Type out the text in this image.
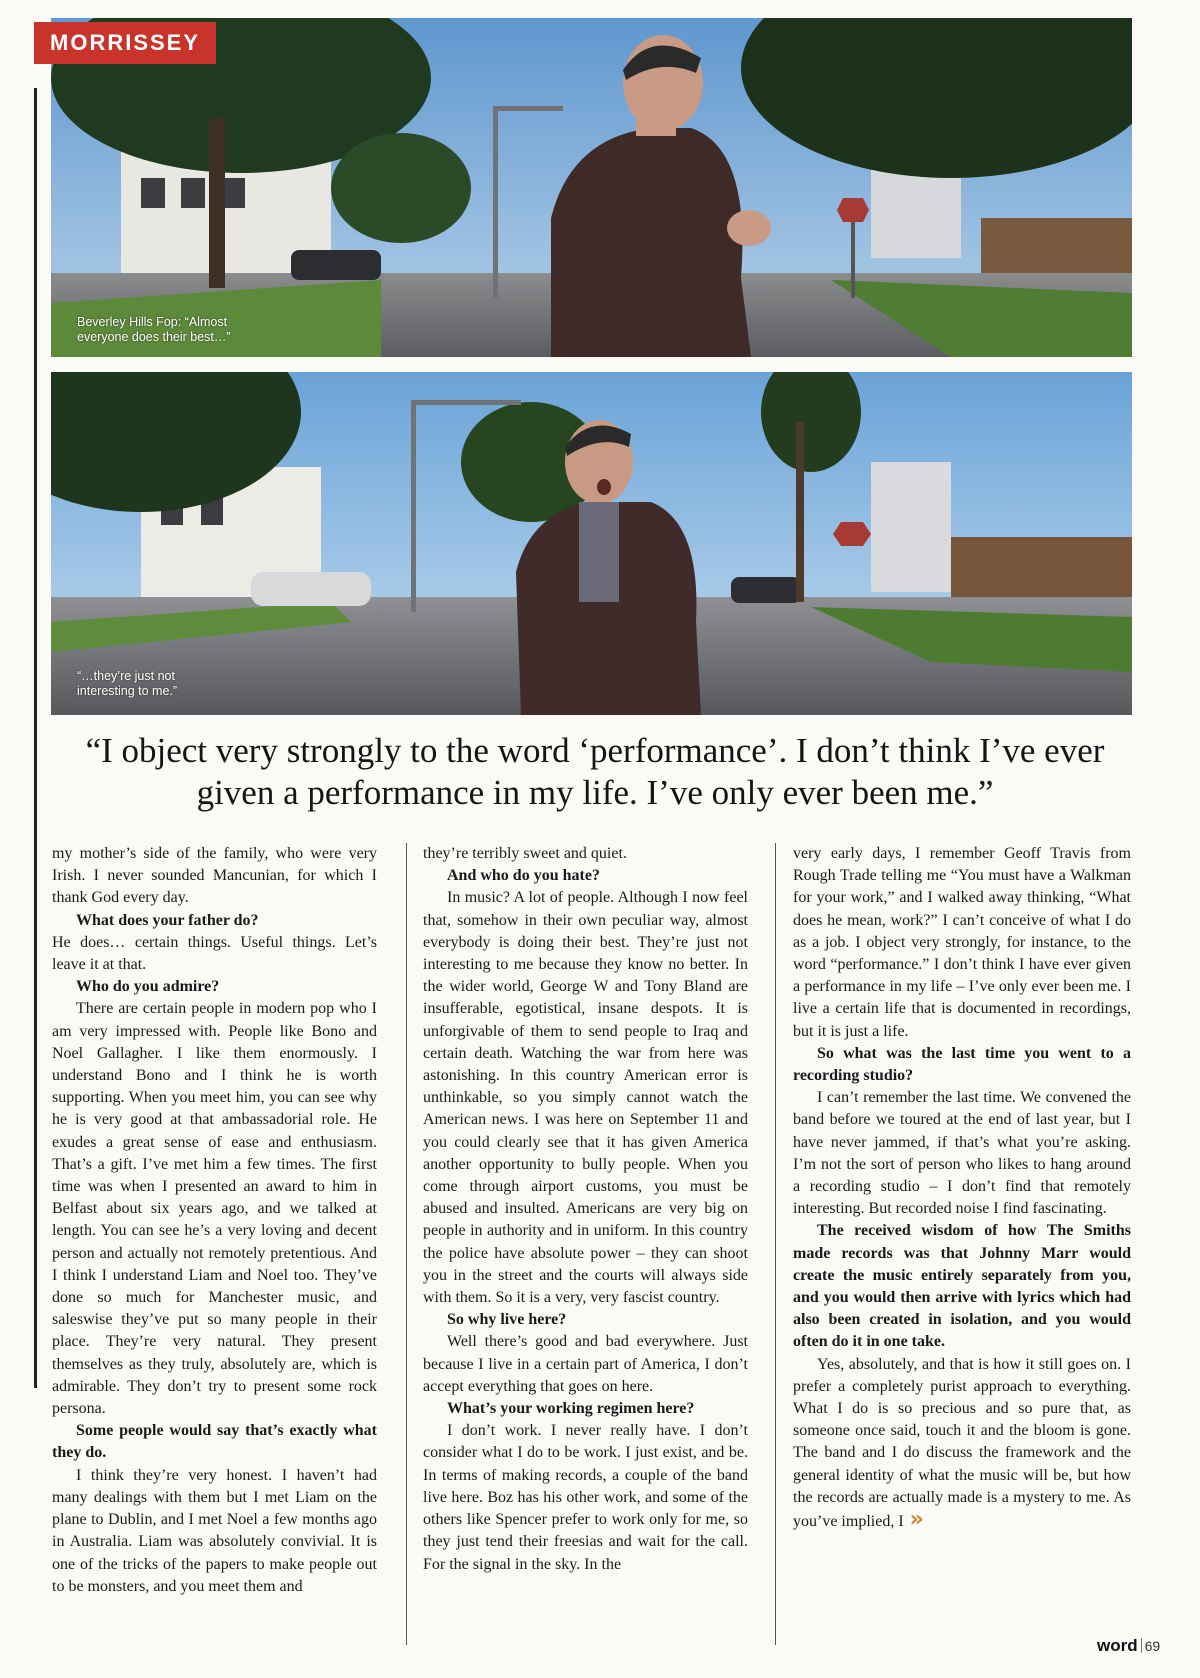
MORRISSEY
Beverley Hills Fop: “Almost
everyone does their best…”
“…they’re just not
interesting to me.”
“I object very strongly to the word ‘performance’. I don’t think I’ve ever given a performance in my life. I’ve only ever been me.”

my mother’s side of the family, who were very Irish. I never sounded Mancunian, for which I thank God every day.

What does your father do?

He does… certain things. Useful things. Let’s leave it at that.

Who do you admire?

There are certain people in modern pop who I am very impressed with. People like Bono and Noel Gallagher. I like them enormously. I understand Bono and I think he is worth supporting. When you meet him, you can see why he is very good at that ambassadorial role. He exudes a great sense of ease and enthusiasm. That’s a gift. I’ve met him a few times. The first time was when I presented an award to him in Belfast about six years ago, and we talked at length. You can see he’s a very loving and decent person and actually not remotely pretentious. And I think I understand Liam and Noel too. They’ve done so much for Manchester music, and saleswise they’ve put so many people in their place. They’re very natural. They present themselves as they truly, absolutely are, which is admirable. They don’t try to present some rock persona.

Some people would say that’s exactly what they do.

I think they’re very honest. I haven’t had many dealings with them but I met Liam on the plane to Dublin, and I met Noel a few months ago in Australia. Liam was absolutely convivial. It is one of the tricks of the papers to make people out to be monsters, and you meet them and

they’re terribly sweet and quiet.

And who do you hate?

In music? A lot of people. Although I now feel that, somehow in their own peculiar way, almost everybody is doing their best. They’re just not interesting to me because they know no better. In the wider world, George W and Tony Bland are insufferable, egotistical, insane despots. It is unforgivable of them to send people to Iraq and certain death. Watching the war from here was astonishing. In this country American error is unthinkable, so you simply cannot watch the American news. I was here on September 11 and you could clearly see that it has given America another opportunity to bully people. When you come through airport customs, you must be abused and insulted. Americans are very big on people in authority and in uniform. In this country the police have absolute power – they can shoot you in the street and the courts will always side with them. So it is a very, very fascist country.

So why live here?

Well there’s good and bad everywhere. Just because I live in a certain part of America, I don’t accept everything that goes on here.

What’s your working regimen here?

I don’t work. I never really have. I don’t consider what I do to be work. I just exist, and be. In terms of making records, a couple of the band live here. Boz has his other work, and some of the others like Spencer prefer to work only for me, so they just tend their freesias and wait for the call. For the signal in the sky. In the

very early days, I remember Geoff Travis from Rough Trade telling me “You must have a Walkman for your work,” and I walked away thinking, “What does he mean, work?” I can’t conceive of what I do as a job. I object very strongly, for instance, to the word “performance.” I don’t think I have ever given a performance in my life – I’ve only ever been me. I live a certain life that is documented in recordings, but it is just a life.

So what was the last time you went to a recording studio?

I can’t remember the last time. We convened the band before we toured at the end of last year, but I have never jammed, if that’s what you’re asking. I’m not the sort of person who likes to hang around a recording studio – I don’t find that remotely interesting. But recorded noise I find fascinating.

The received wisdom of how The Smiths made records was that Johnny Marr would create the music entirely separately from you, and you would then arrive with lyrics which had also been created in isolation, and you would often do it in one take.

Yes, absolutely, and that is how it still goes on. I prefer a completely purist approach to everything. What I do is so precious and so pure that, as someone once said, touch it and the bloom is gone. The band and I do discuss the framework and the general identity of what the music will be, but how the records are actually made is a mystery to me. As you’ve implied, I »

word 69
